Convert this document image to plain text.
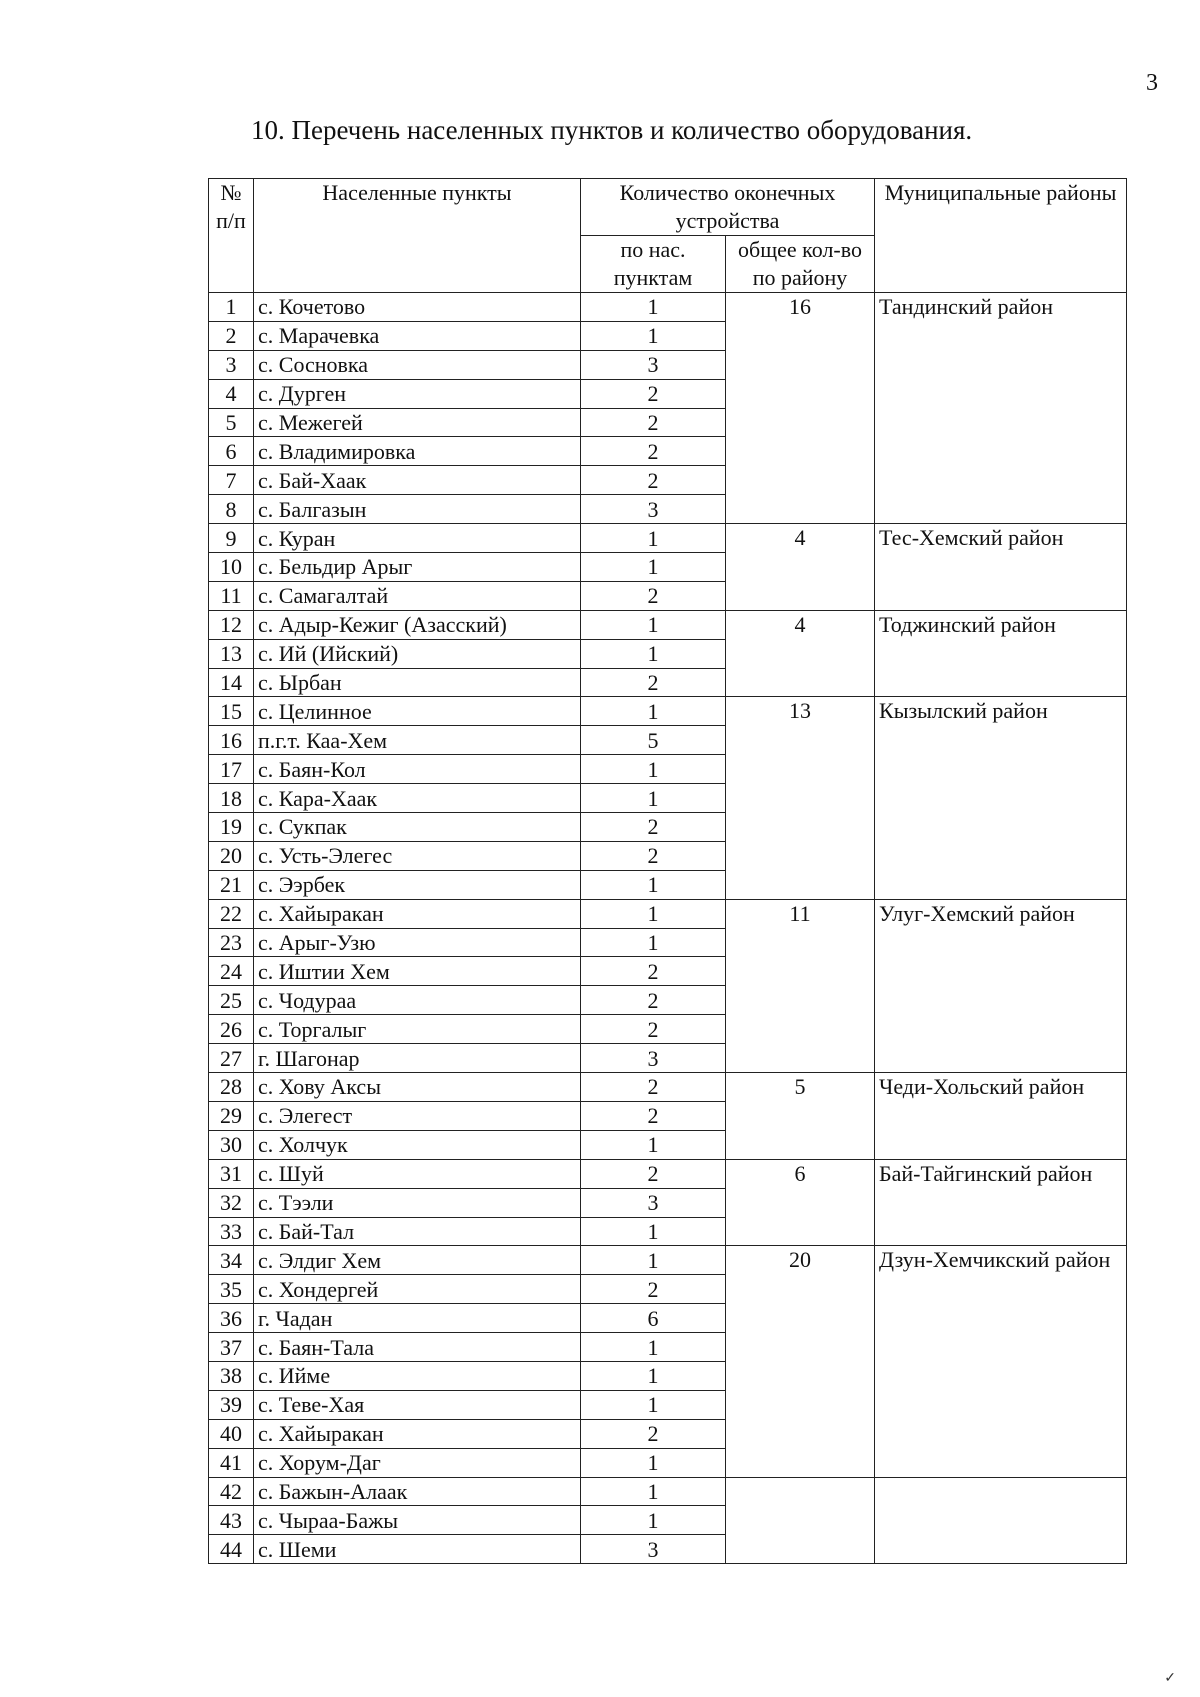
3
10. Перечень населенных пунктов и количество оборудования.
№ п/п	Населенные пункты	Количество оконечных устройства		Муниципальные районы
		по нас. пунктам	общее кол-во по району	
1	с. Кочетово	1	16	Тандинский район
2	с. Марачевка	1		
3	с. Сосновка	3		
4	с. Дурген	2		
5	с. Межегей	2		
6	с. Владимировка	2		
7	с. Бай-Хаак	2		
8	с. Балгазын	3		
9	с. Куран	1	4	Тес-Хемский район
10	с. Бельдир Арыг	1		
11	с. Самагалтай	2		
12	с. Адыр-Кежиг (Азасский)	1	4	Тоджинский район
13	с. Ий (Ийский)	1		
14	с. Ырбан	2		
15	с. Целинное	1	13	Кызылский район
16	п.г.т. Каа-Хем	5		
17	с. Баян-Кол	1		
18	с. Кара-Хаак	1		
19	с. Сукпак	2		
20	с. Усть-Элегес	2		
21	с. Ээрбек	1		
22	с. Хайыракан	1	11	Улуг-Хемский район
23	с. Арыг-Узю	1		
24	с. Иштии Хем	2		
25	с. Чодураа	2		
26	с. Торгалыг	2		
27	г. Шагонар	3		
28	с. Хову Аксы	2	5	Чеди-Хольский район
29	с. Элегест	2		
30	с. Холчук	1		
31	с. Шуй	2	6	Бай-Тайгинский район
32	с. Тээли	3		
33	с. Бай-Тал	1		
34	с. Элдиг Хем	1	20	Дзун-Хемчикский район
35	с. Хондергей	2		
36	г. Чадан	6		
37	с. Баян-Тала	1		
38	с. Ийме	1		
39	с. Теве-Хая	1		
40	с. Хайыракан	2		
41	с. Хорум-Даг	1		
42	с. Бажын-Алаак	1		
43	с. Чыраа-Бажы	1		
44	с. Шеми	3		
✓
